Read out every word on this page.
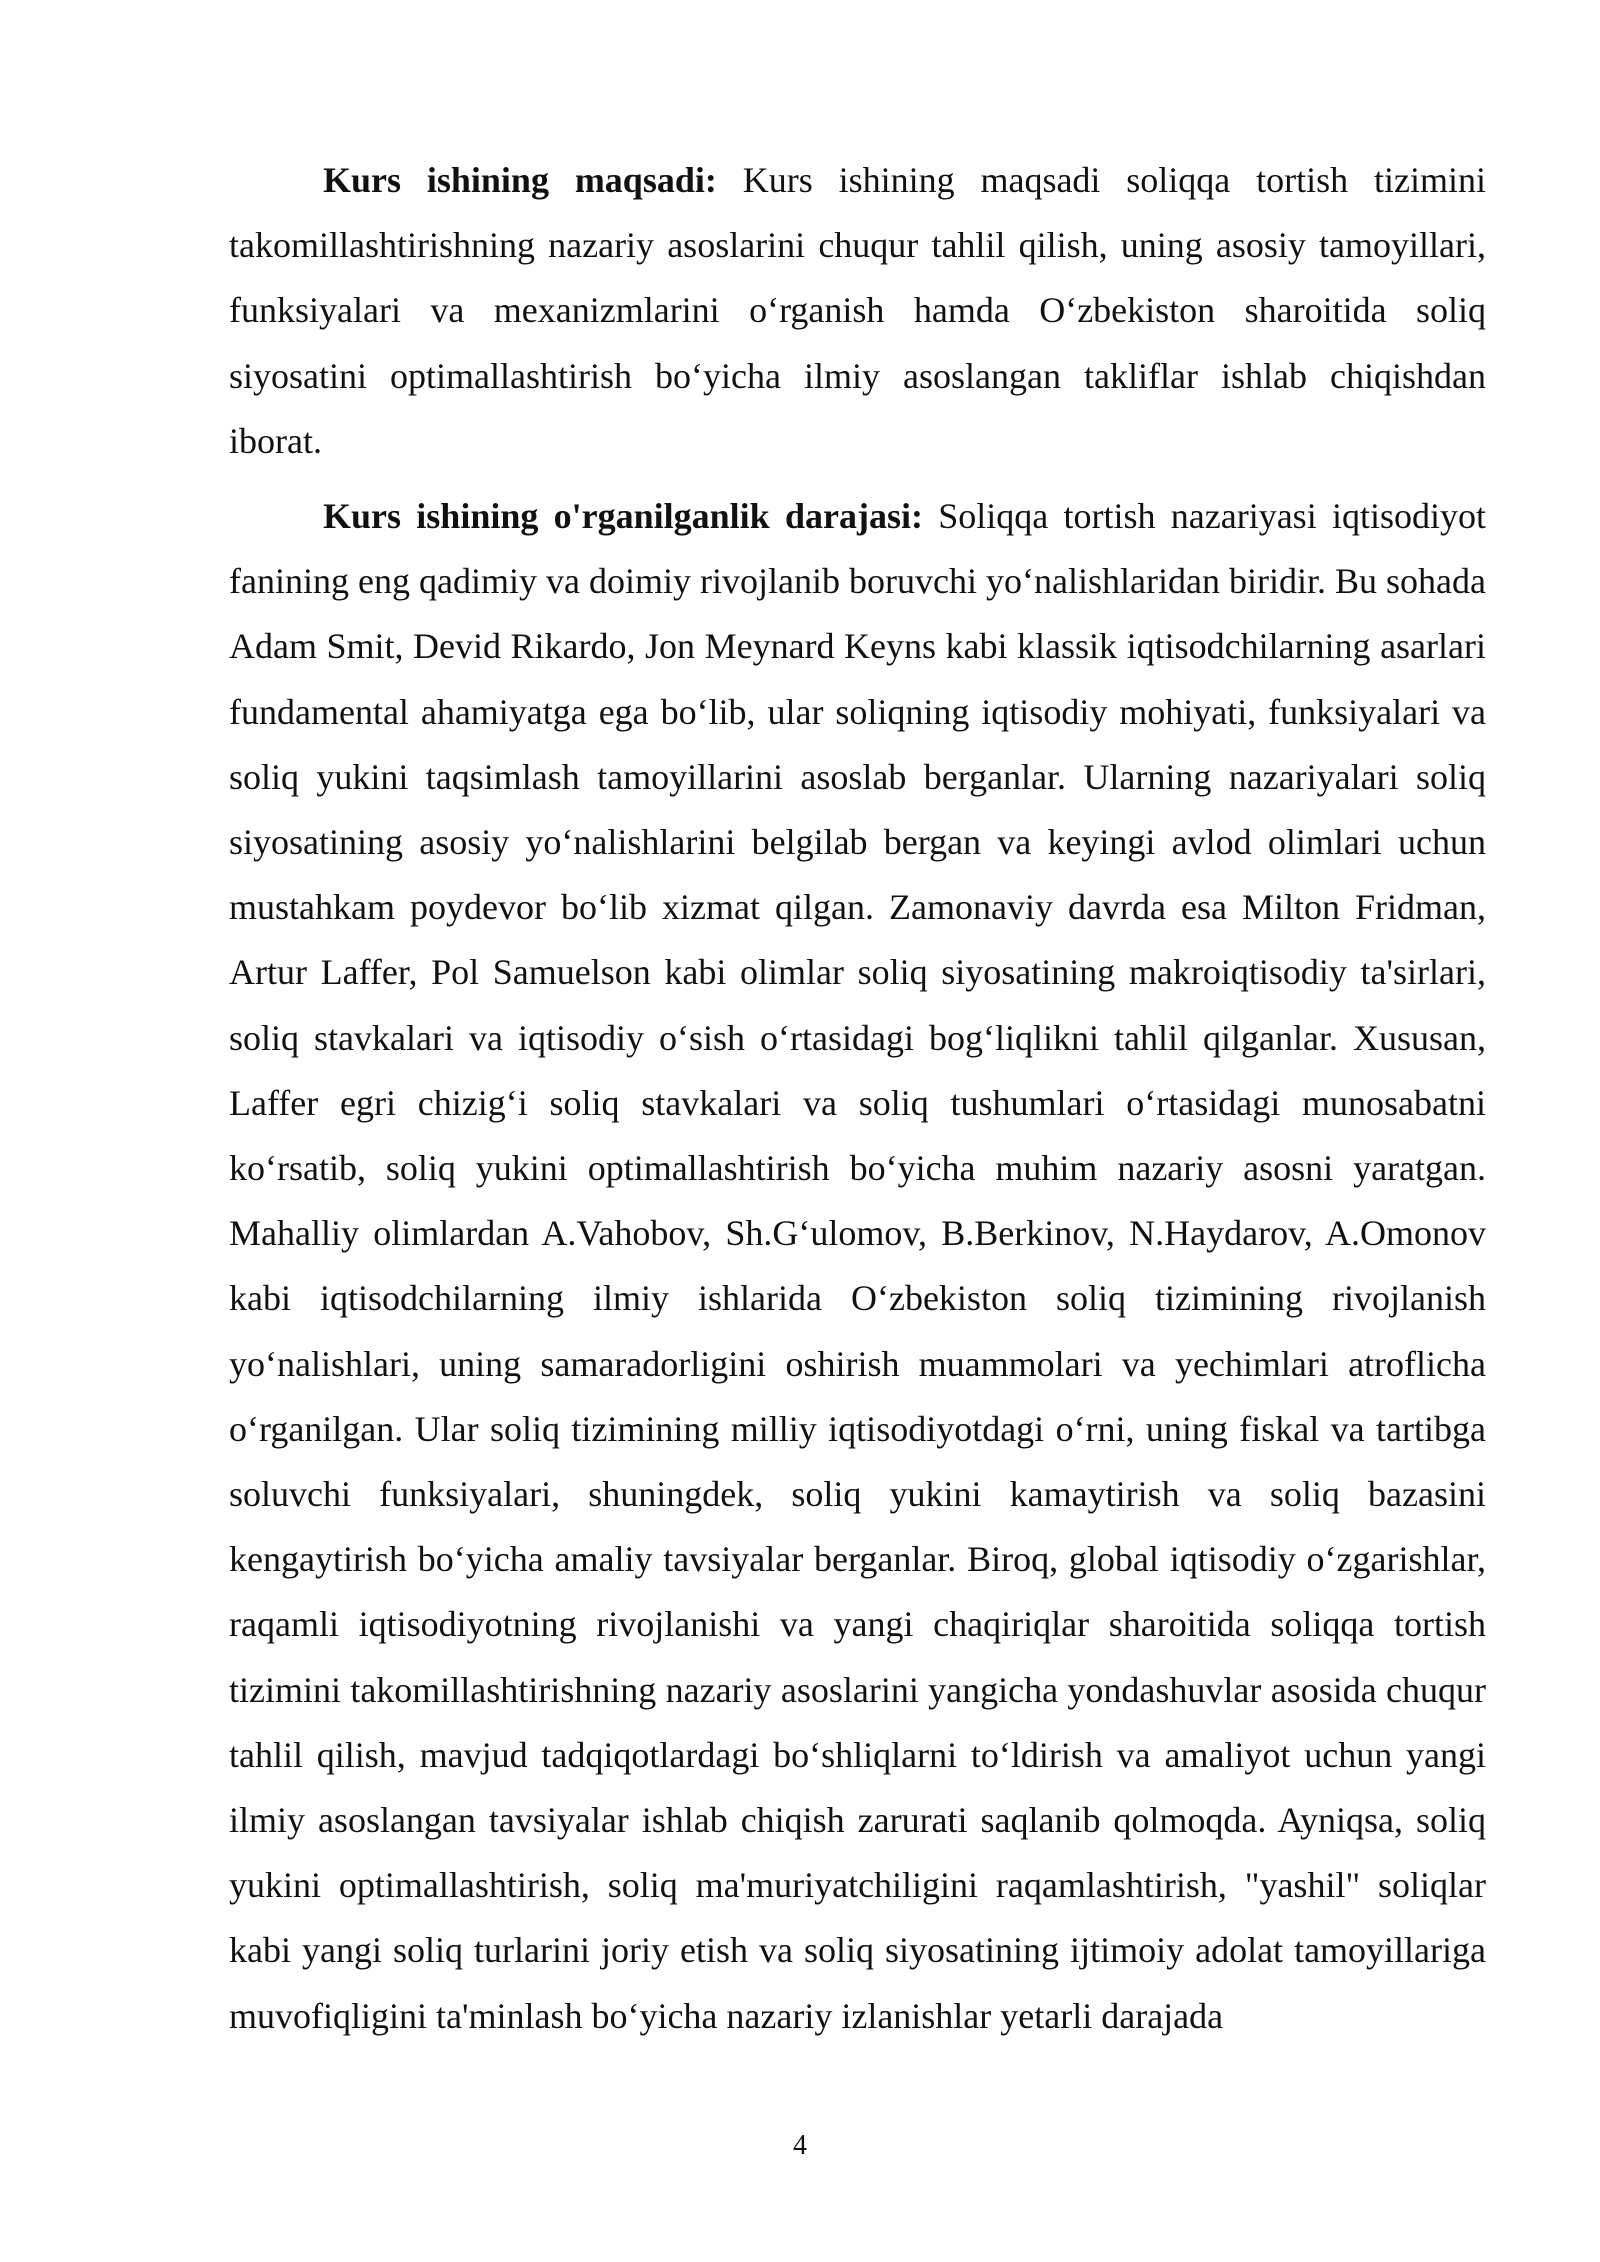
Kurs ishining maqsadi: Kurs ishining maqsadi soliqqa tortish tizimini takomillashtirishning nazariy asoslarini chuqur tahlil qilish, uning asosiy tamoyillari, funksiyalari va mexanizmlarini oʻrganish hamda Oʻzbekiston sharoitida soliq siyosatini optimallashtirish boʻyicha ilmiy asoslangan takliflar ishlab chiqishdan iborat.

Kurs ishining o'rganilganlik darajasi: Soliqqa tortish nazariyasi iqtisodiyot fanining eng qadimiy va doimiy rivojlanib boruvchi yoʻnalishlaridan biridir. Bu sohada Adam Smit, Devid Rikardo, Jon Meynard Keyns kabi klassik iqtisodchilarning asarlari fundamental ahamiyatga ega boʻlib, ular soliqning iqtisodiy mohiyati, funksiyalari va soliq yukini taqsimlash tamoyillarini asoslab berganlar. Ularning nazariyalari soliq siyosatining asosiy yoʻnalishlarini belgilab bergan va keyingi avlod olimlari uchun mustahkam poydevor boʻlib xizmat qilgan. Zamonaviy davrda esa Milton Fridman, Artur Laffer, Pol Samuelson kabi olimlar soliq siyosatining makroiqtisodiy ta'sirlari, soliq stavkalari va iqtisodiy oʻsish oʻrtasidagi bogʻliqlikni tahlil qilganlar. Xususan, Laffer egri chizigʻi soliq stavkalari va soliq tushumlari oʻrtasidagi munosabatni koʻrsatib, soliq yukini optimallashtirish boʻyicha muhim nazariy asosni yaratgan. Mahalliy olimlardan A.Vahobov, Sh.Gʻulomov, B.Berkinov, N.Haydarov, A.Omonov kabi iqtisodchilarning ilmiy ishlarida Oʻzbekiston soliq tizimining rivojlanish yoʻnalishlari, uning samaradorligini oshirish muammolari va yechimlari atroflicha oʻrganilgan. Ular soliq tizimining milliy iqtisodiyotdagi oʻrni, uning fiskal va tartibga soluvchi funksiyalari, shuningdek, soliq yukini kamaytirish va soliq bazasini kengaytirish boʻyicha amaliy tavsiyalar berganlar. Biroq, global iqtisodiy oʻzgarishlar, raqamli iqtisodiyotning rivojlanishi va yangi chaqiriqlar sharoitida soliqqa tortish tizimini takomillashtirishning nazariy asoslarini yangicha yondashuvlar asosida chuqur tahlil qilish, mavjud tadqiqotlardagi boʻshliqlarni toʻldirish va amaliyot uchun yangi ilmiy asoslangan tavsiyalar ishlab chiqish zarurati saqlanib qolmoqda. Ayniqsa, soliq yukini optimallashtirish, soliq ma'muriyatchiligini raqamlashtirish, "yashil" soliqlar kabi yangi soliq turlarini joriy etish va soliq siyosatining ijtimoiy adolat tamoyillariga muvofiqligini ta'minlash boʻyicha nazariy izlanishlar yetarli darajada

4
